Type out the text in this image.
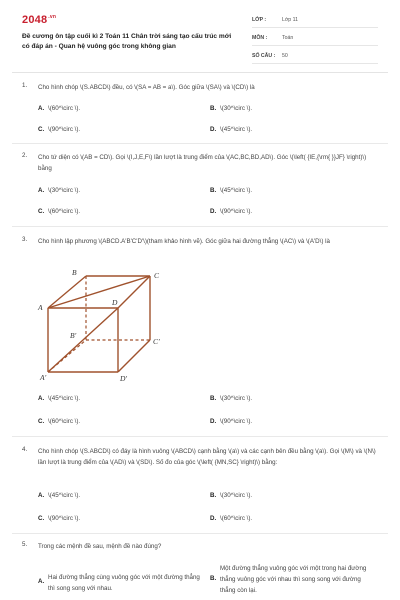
$2048^{.vn}$
Đề cương ôn tập cuối kì 2 Toán 11 Chân trời sáng tạo cấu trúc mới có đáp án - Quan hệ vuông góc trong không gian
LỚP :	Lớp 11
MÔN :	Toán
SỐ CÂU : 50
1.	Cho hình chóp \(S.ABCD\) đều, có \(SA = AB = a\). Góc giữa \(SA\) và \(CD\) là
A. \(60^\circ \).	B. \(30^\circ \).
C. \(90^\circ \).	D. \(45^\circ \).
2.	Cho tứ diện có \(AB = CD\). Gọi \(I,J,E,F\) lần lượt là trung điểm của \(AC,BC,BD,AD\). Góc \(\left( {IE,{\rm{ }}JF} \right)\) bằng
A. \(30^\circ \).	B. \(45^\circ \).
C. \(60^\circ \).	D. \(90^\circ \).
3.	Cho hình lập phương \(ABCD.A'B'C'D'\)(tham khảo hình vẽ). Góc giữa hai đường thẳng \(AC\) và \(A'D\) là
B	C
A
D
B'
C'
A'	D'
A. \(45^\circ \).	B. \(30^\circ \).
C. \(60^\circ \).	D. \(90^\circ \).
4.	Cho hình chóp \(S.ABCD\) có đáy là hình vuông \(ABCD\) cạnh bằng \(a\) và các cạnh bên đều bằng \(a\). Gọi \(M\) và \(N\) lần lượt là trung điểm của \(AD\) và \(SD\). Số đo của góc \(\left( {MN,SC} \right)\) bằng:
A. \(45^\circ \).	B. \(30^\circ \).
C. \(90^\circ \).	D. \(60^\circ \).
5.	Trong các mệnh đề sau, mệnh đề nào đúng?
A.Hai đường thẳng cùng vuông góc với một đường thẳng thì song song với nhau.
B.Một đường thẳng vuông góc với một trong hai đường thẳng vuông góc với nhau thì song song với đường thẳng còn lại.
